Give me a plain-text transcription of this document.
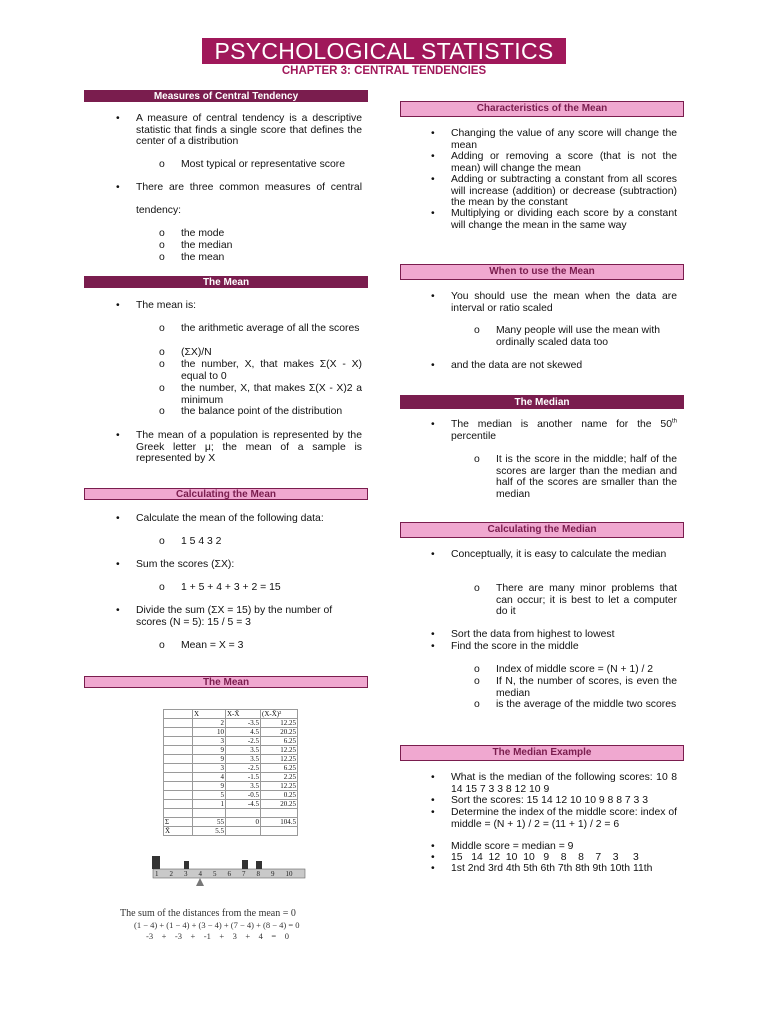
PSYCHOLOGICAL STATISTICS
CHAPTER 3: CENTRAL TENDENCIES
Measures of Central Tendency
• A measure of central tendency is a descriptive statistic that finds a single score that defines the center of a distribution
o Most typical or representative score
• There are three common measures of central
tendency:
o the mode
o the median
o the mean
The Mean
• The mean is:
o the arithmetic average of all the scores
o (ΣX)/N
o the number, X, that makes Σ(X - X) equal to 0
o the number, X, that makes Σ(X - X)2 a minimum
o the balance point of the distribution
• The mean of a population is represented by the Greek letter μ; the mean of a sample is represented by X
Calculating the Mean
• Calculate the mean of the following data:
o 1 5 4 3 2
• Sum the scores (ΣX):
o 1 + 5 + 4 + 3 + 2 = 15
• Divide the sum (ΣX = 15) by the number of scores (N = 5): 15 / 5 = 3
o Mean = X = 3
The Mean
	X	X-X̄	(X-X̄)²
	2	-3.5	12.25
	10	4.5	20.25
	3	-2.5	6.25
	9	3.5	12.25
	9	3.5	12.25
	3	-2.5	6.25
	4	-1.5	2.25
	9	3.5	12.25
	5	-0.5	0.25
	1	-4.5	20.25

Σ	55	0	104.5
X̄	5.5		
1 2 3 4 5 6 7 8 9 10
The sum of the distances from the mean = 0
(1 − 4) + (1 − 4) + (3 − 4) + (7 − 4) + (8 − 4) = 0
-3    +    -3    +    -1    +    3    +    4    =    0
Characteristics of the Mean
• Changing the value of any score will change the mean
• Adding or removing a score (that is not the mean) will change the mean
• Adding or subtracting a constant from all scores will increase (addition) or decrease (subtraction) the mean by the constant
• Multiplying or dividing each score by a constant will change the mean in the same way
When to use the Mean
• You should use the mean when the data are interval or ratio scaled
o Many people will use the mean with ordinally scaled data too
• and the data are not skewed
The Median
• The median is another name for the 50th
percentile
o It is the score in the middle; half of the scores are larger than the median and half of the scores are smaller than the median
Calculating the Median
• Conceptually, it is easy to calculate the median
o There are many minor problems that can occur; it is best to let a computer do it
• Sort the data from highest to lowest
• Find the score in the middle
o Index of middle score = (N + 1) / 2
o If N, the number of scores, is even the median
o is the average of the middle two scores
The Median Example
• What is the median of the following scores: 10 8 14 15 7 3 3 8 12 10 9
• Sort the scores: 15 14 12 10 10 9 8 8 7 3 3
• Determine the index of the middle score: index of middle = (N + 1) / 2 = (11 + 1) / 2 = 6
• Middle score = median = 9
• 15   14  12  10  10   9    8    8    7    3     3
• 1st 2nd 3rd 4th 5th 6th 7th 8th 9th 10th 11th
